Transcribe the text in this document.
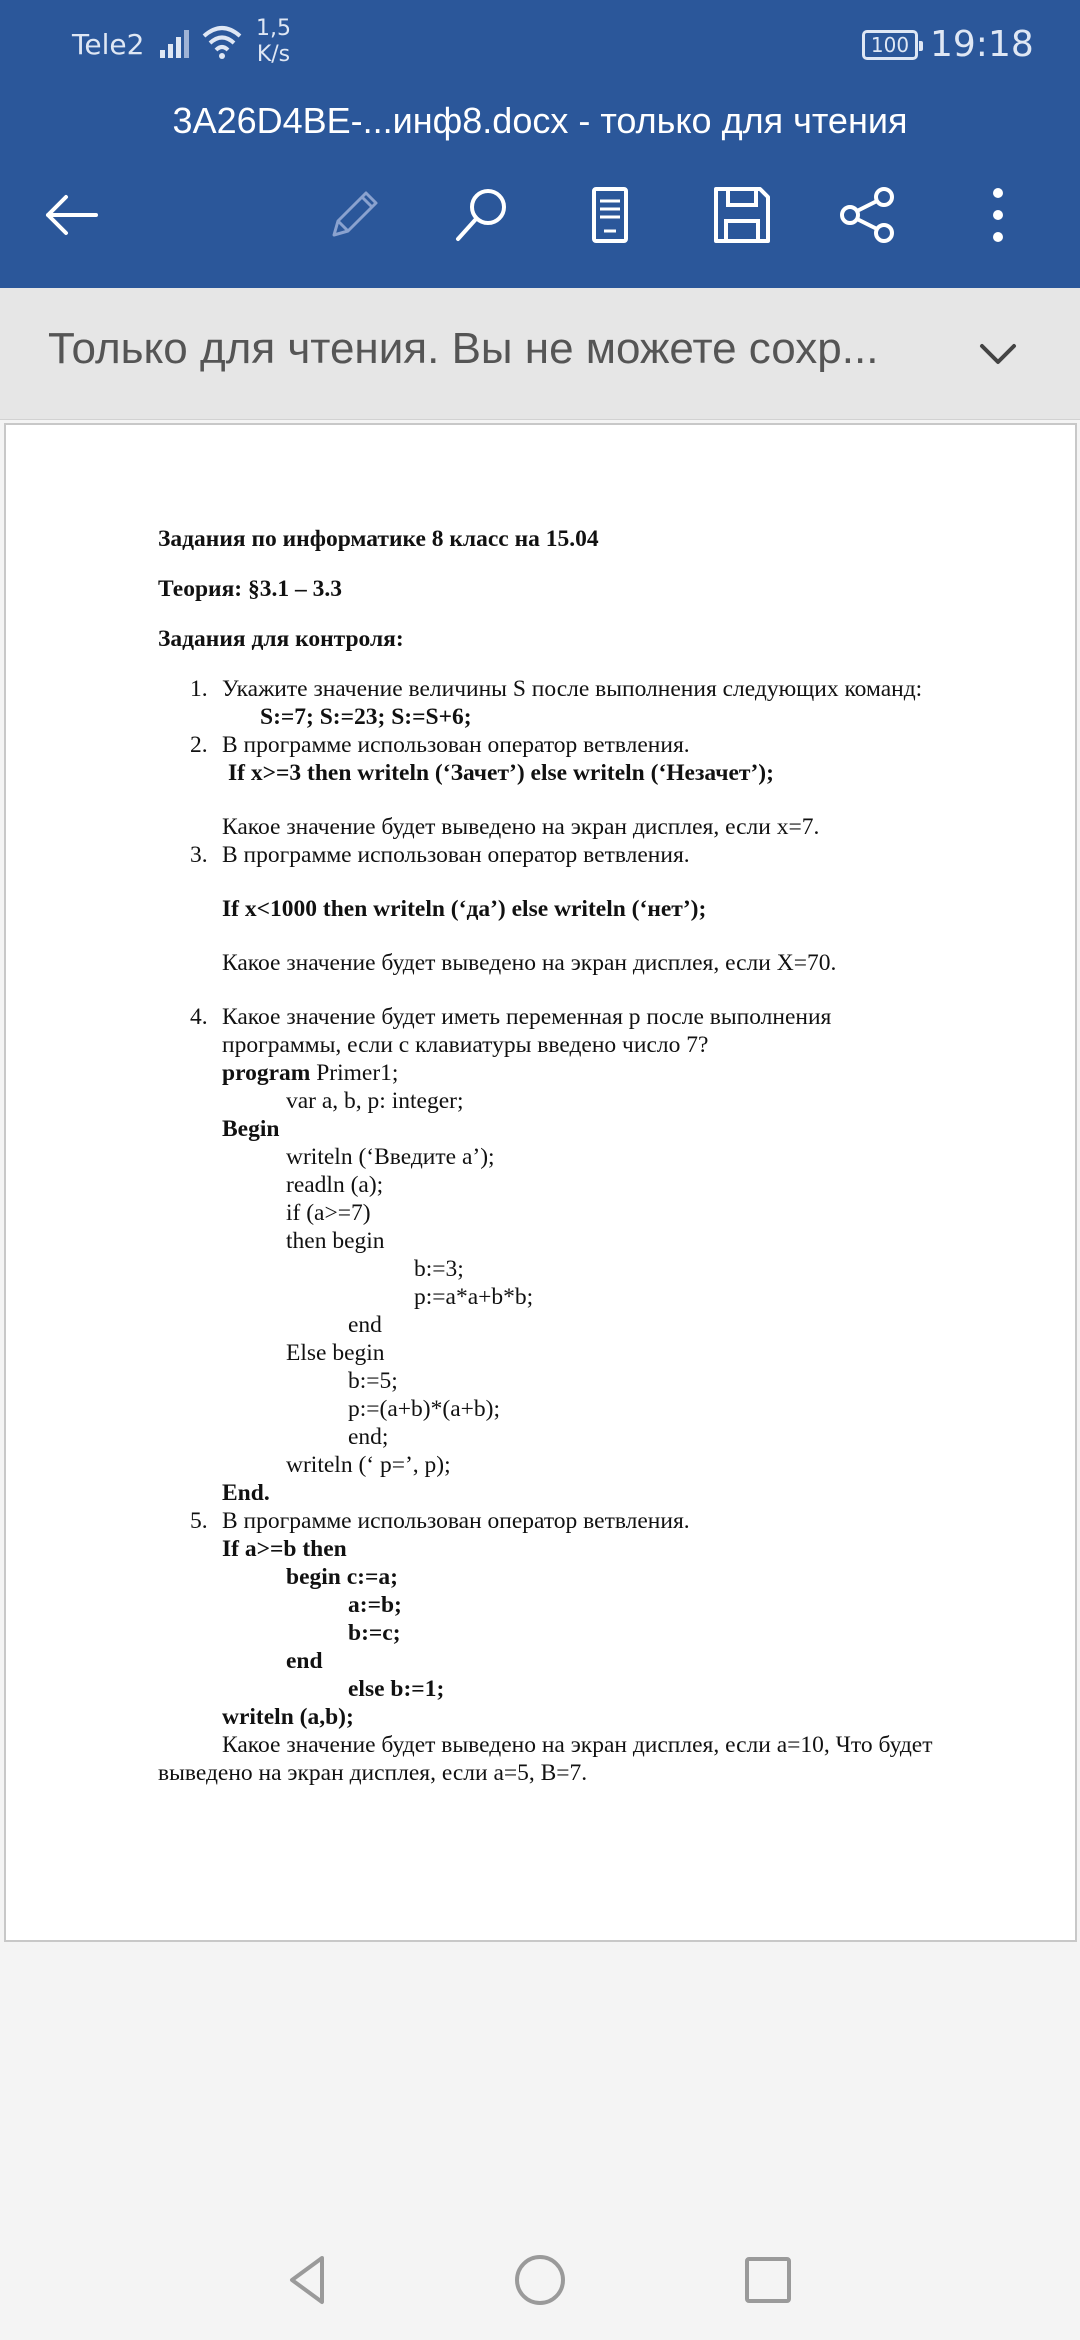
Tele2	1,5
K/s	100 19:18
3A26D4BE-...инф8.docx - только для чтения
Только для чтения. Вы не можете сохр...
Задания по информатике 8 класс на 15.04
Теория: §3.1 – 3.3
Задания для контроля:
1. Укажите значение величины S после выполнения следующих команд:
S:=7; S:=23; S:=S+6;
2. В программе использован оператор ветвления.
If x>=3 then writeln (‘Зачет’) else writeln (‘Незачет’);
Какое значение будет выведено на экран дисплея, если x=7.
3. В программе использован оператор ветвления.
If x<1000 then writeln (‘да’) else writeln (‘нет’);
Какое значение будет выведено на экран дисплея, если X=70.
4. Какое значение будет иметь переменная p после выполнения
программы, если с клавиатуры введено число 7?
program Primer1;
var a, b, p: integer;
Begin
writeln (‘Введите a’);
readln (a);
if (a>=7)
then begin
b:=3;
p:=a*a+b*b;
end
Else begin
b:=5;
p:=(a+b)*(a+b);
end;
writeln (‘ p=’, p);
End.
5. В программе использован оператор ветвления.
If a>=b then
begin c:=a;
a:=b;
b:=c;
end
else b:=1;
writeln (a,b);
Какое значение будет выведено на экран дисплея, если a=10, Что будет
выведено на экран дисплея, если a=5, B=7.
